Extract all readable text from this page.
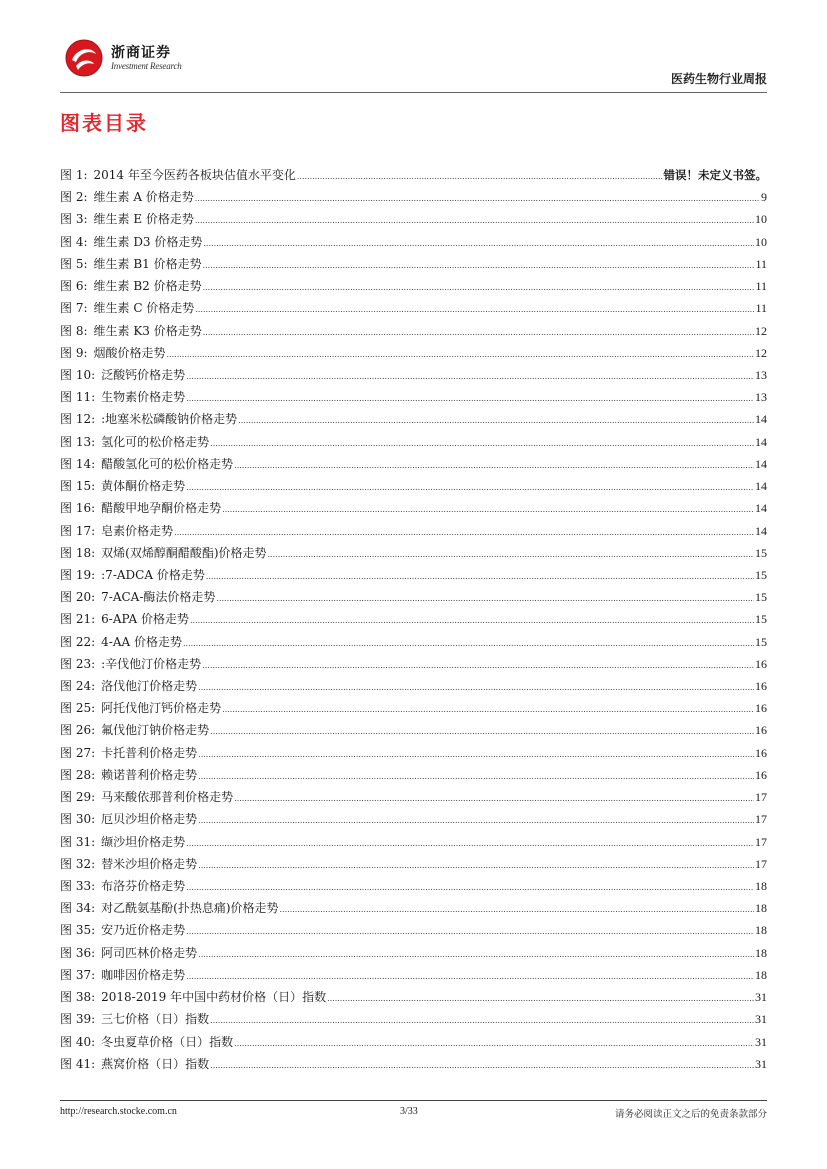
浙商证券
Investment Research
医药生物行业周报
图表目录
图 1: 2014 年至今医药各板块估值水平变化 .....	错误！未定义书签。
图 2: 维生素 A 价格走势 .....	9
图 3: 维生素 E 价格走势 .....	10
图 4: 维生素 D3 价格走势 .....	10
图 5: 维生素 B1 价格走势 .....	11
图 6: 维生素 B2 价格走势 .....	11
图 7: 维生素 C 价格走势 .....	11
图 8: 维生素 K3 价格走势 .....	12
图 9: 烟酸价格走势 .....	12
图 10: 泛酸钙价格走势 .....	13
图 11: 生物素价格走势 .....	13
图 12: :地塞米松磷酸钠价格走势 .....	14
图 13: 氢化可的松价格走势 .....	14
图 14: 醋酸氢化可的松价格走势 .....	14
图 15: 黄体酮价格走势 .....	14
图 16: 醋酸甲地孕酮价格走势 .....	14
图 17: 皂素价格走势 .....	14
图 18: 双烯(双烯醇酮醋酸酯)价格走势 .....	15
图 19: :7-ADCA 价格走势 .....	15
图 20: 7-ACA-酶法价格走势 .....	15
图 21: 6-APA 价格走势 .....	15
图 22: 4-AA 价格走势 .....	15
图 23: :辛伐他汀价格走势 .....	16
图 24: 洛伐他汀价格走势 .....	16
图 25: 阿托伐他汀钙价格走势 .....	16
图 26: 氟伐他汀钠价格走势 .....	16
图 27: 卡托普利价格走势 .....	16
图 28: 赖诺普利价格走势 .....	16
图 29: 马来酸依那普利价格走势 .....	17
图 30: 厄贝沙坦价格走势 .....	17
图 31: 缬沙坦价格走势 .....	17
图 32: 替米沙坦价格走势 .....	17
图 33: 布洛芬价格走势 .....	18
图 34: 对乙酰氨基酚(扑热息痛)价格走势 .....	18
图 35: 安乃近价格走势 .....	18
图 36: 阿司匹林价格走势 .....	18
图 37: 咖啡因价格走势 .....	18
图 38: 2018-2019 年中国中药材价格（日）指数 .....	31
图 39: 三七价格（日）指数 .....	31
图 40: 冬虫夏草价格（日）指数 .....	31
图 41: 燕窝价格（日）指数 .....	31
http://research.stocke.com.cn	3/33	请务必阅读正文之后的免责条款部分
